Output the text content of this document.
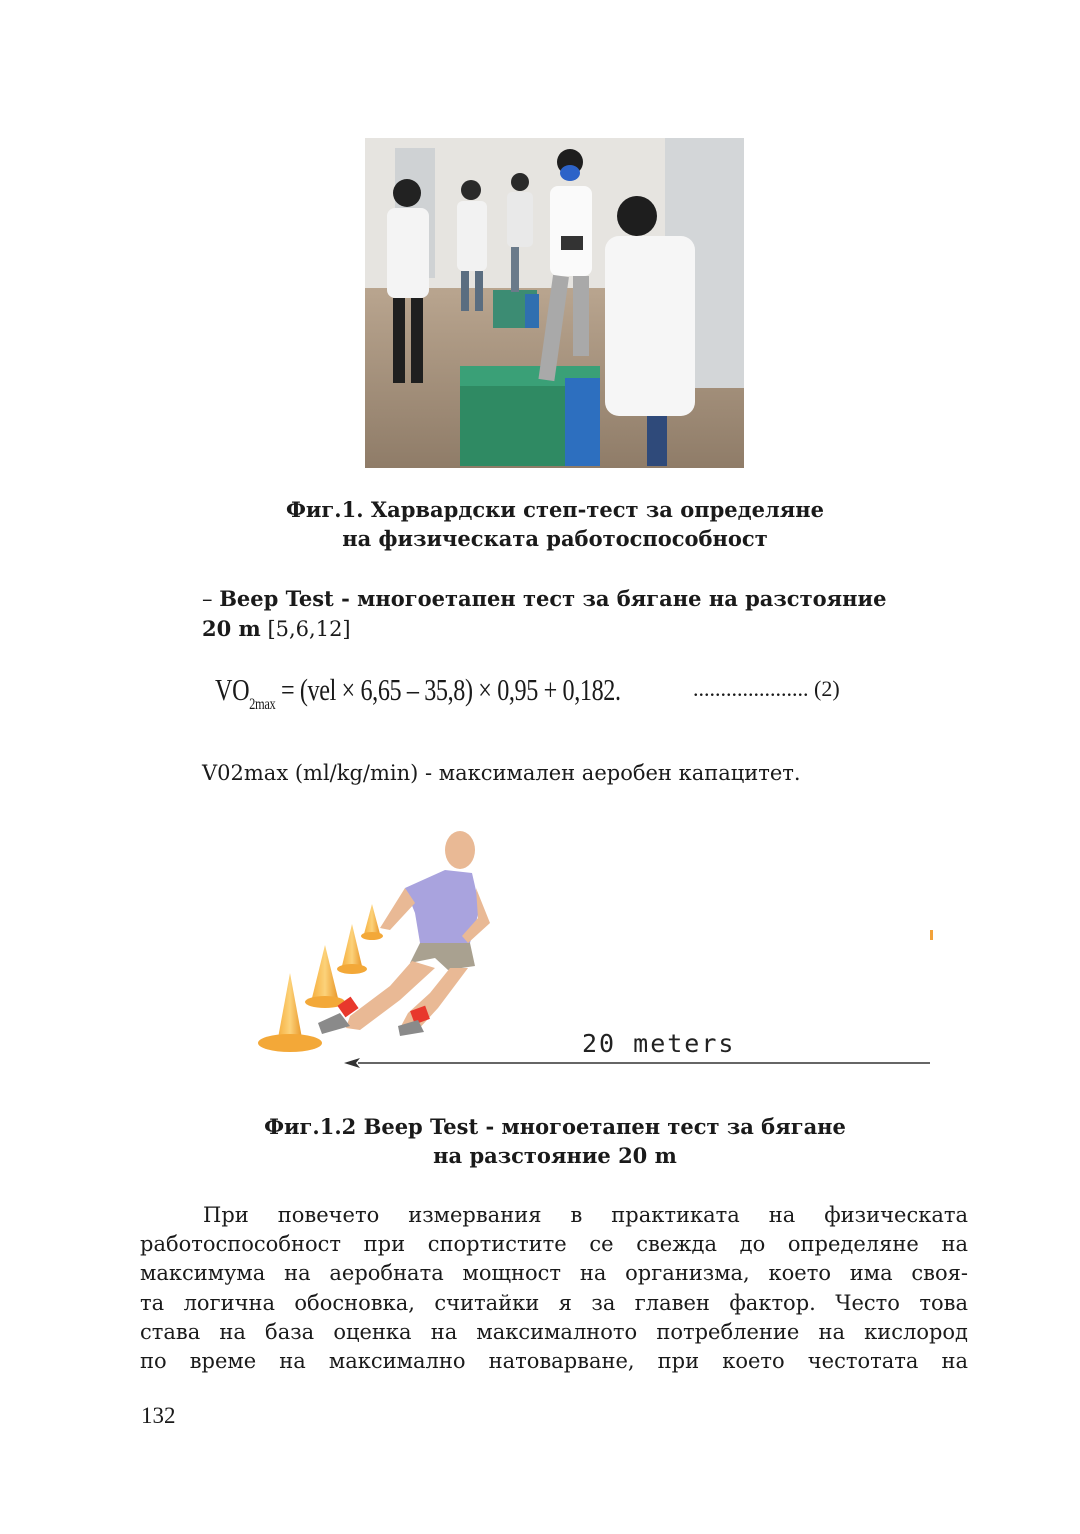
Фиг.1. Харвардски степ-тест за определяне
на физическата работоспособност
– Beep Test - многоетапен тест за бягане на разстояние
20 m [5,6,12]
$VO_{2max} = (vel \times 6,65 - 35,8) \times 0,95 + 0,182$.	..................... (2)
V02max (ml/kg/min) - максимален аеробен капацитет.
20 meters
Фиг.1.2 Beep Test - многоетапен тест за бягане
на разстояние 20 m
При повечето измервания в практиката на физическата
работоспособност при спортистите се свежда до определяне на
максимума на аеробната мощност на организма, което има своя-
та логична обосновка, считайки я за главен фактор. Често това
става на база оценка на максималното потребление на кислород
по време на максимално натоварване, при което честотата на
132
